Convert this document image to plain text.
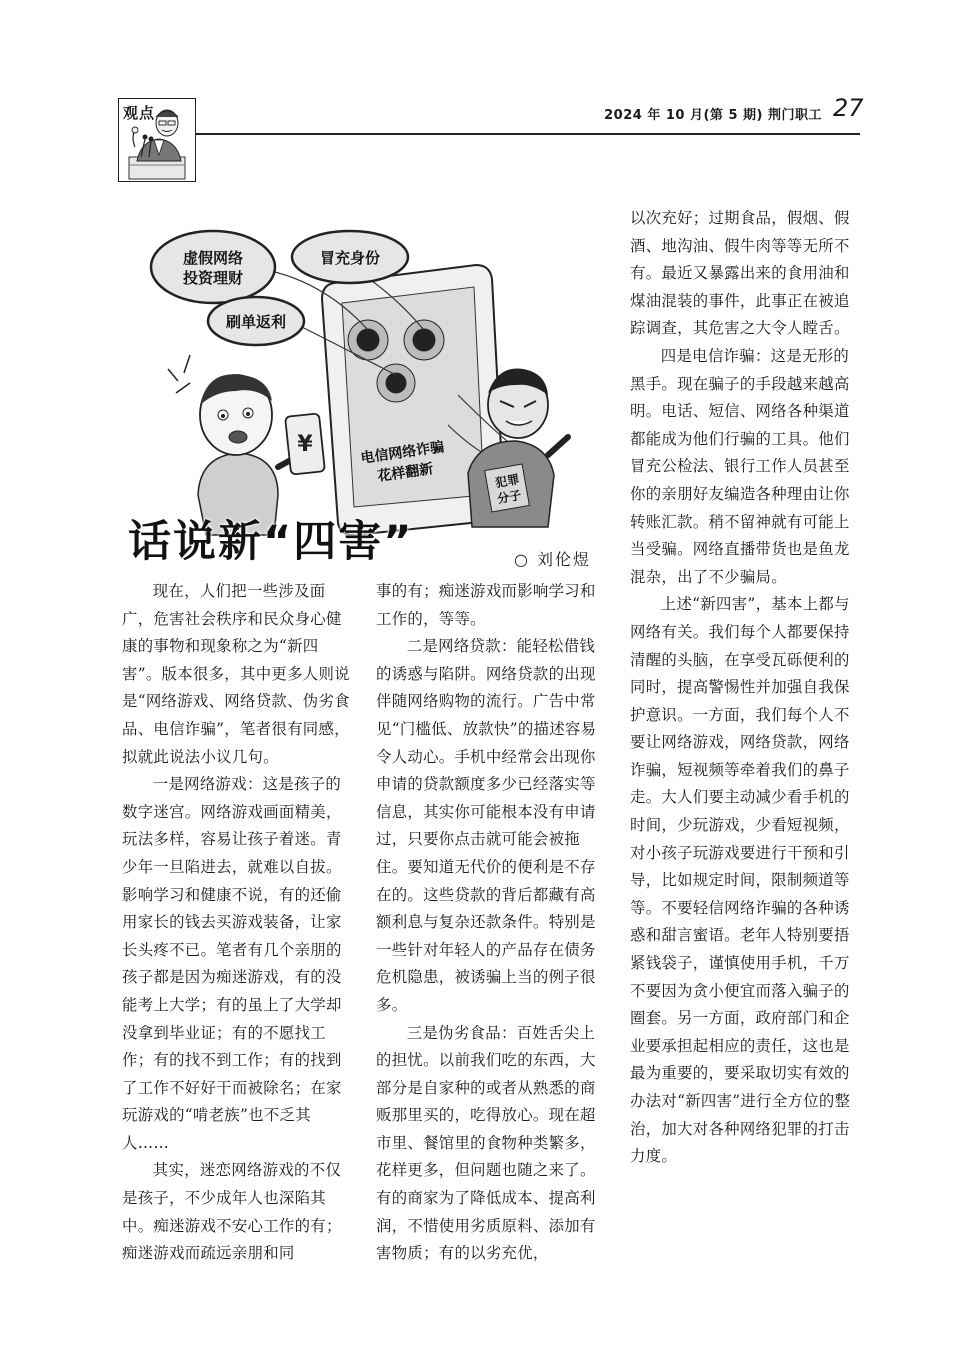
观点	2024 年 10 月(第 5 期) 荆门职工 27
虚假网络
投资理财
冒充身份
刷单返利
电信网络诈骗
花样翻新
¥
犯罪
分子
话说新“四害”	○ 刘伦煜

现在，人们把一些涉及面广，危害社会秩序和民众身心健康的事物和现象称之为“新四害”。版本很多，其中更多人则说是“网络游戏、网络贷款、伪劣食品、电信诈骗”，笔者很有同感，拟就此说法小议几句。

一是网络游戏：这是孩子的数字迷宫。网络游戏画面精美，玩法多样，容易让孩子着迷。青少年一旦陷进去，就难以自拔。影响学习和健康不说，有的还偷用家长的钱去买游戏装备，让家长头疼不已。笔者有几个亲朋的孩子都是因为痴迷游戏，有的没能考上大学；有的虽上了大学却没拿到毕业证；有的不愿找工作；有的找不到工作；有的找到了工作不好好干而被除名；在家玩游戏的“啃老族”也不乏其人……

其实，迷恋网络游戏的不仅是孩子，不少成年人也深陷其中。痴迷游戏不安心工作的有；痴迷游戏而疏远亲朋和同

事的有；痴迷游戏而影响学习和工作的，等等。

二是网络贷款：能轻松借钱的诱惑与陷阱。网络贷款的出现伴随网络购物的流行。广告中常见“门槛低、放款快”的描述容易令人动心。手机中经常会出现你申请的贷款额度多少已经落实等信息，其实你可能根本没有申请过，只要你点击就可能会被拖住。要知道无代价的便利是不存在的。这些贷款的背后都藏有高额利息与复杂还款条件。特别是一些针对年轻人的产品存在债务危机隐患，被诱骗上当的例子很多。

三是伪劣食品：百姓舌尖上的担忧。以前我们吃的东西，大部分是自家种的或者从熟悉的商贩那里买的，吃得放心。现在超市里、餐馆里的食物种类繁多，花样更多，但问题也随之来了。有的商家为了降低成本、提高利润，不惜使用劣质原料、添加有害物质；有的以劣充优，

以次充好；过期食品，假烟、假酒、地沟油、假牛肉等等无所不有。最近又暴露出来的食用油和煤油混装的事件，此事正在被追踪调查，其危害之大令人瞠舌。

四是电信诈骗：这是无形的黑手。现在骗子的手段越来越高明。电话、短信、网络各种渠道都能成为他们行骗的工具。他们冒充公检法、银行工作人员甚至你的亲朋好友编造各种理由让你转账汇款。稍不留神就有可能上当受骗。网络直播带货也是鱼龙混杂，出了不少骗局。

上述“新四害”，基本上都与网络有关。我们每个人都要保持清醒的头脑，在享受瓦砾便利的同时，提高警惕性并加强自我保护意识。一方面，我们每个人不要让网络游戏，网络贷款，网络诈骗，短视频等牵着我们的鼻子走。大人们要主动减少看手机的时间，少玩游戏，少看短视频，对小孩子玩游戏要进行干预和引导，比如规定时间，限制频道等等。不要轻信网络诈骗的各种诱惑和甜言蜜语。老年人特别要捂紧钱袋子，谨慎使用手机，千万不要因为贪小便宜而落入骗子的圈套。另一方面，政府部门和企业要承担起相应的责任，这也是最为重要的，要采取切实有效的办法对“新四害”进行全方位的整治，加大对各种网络犯罪的打击力度。
